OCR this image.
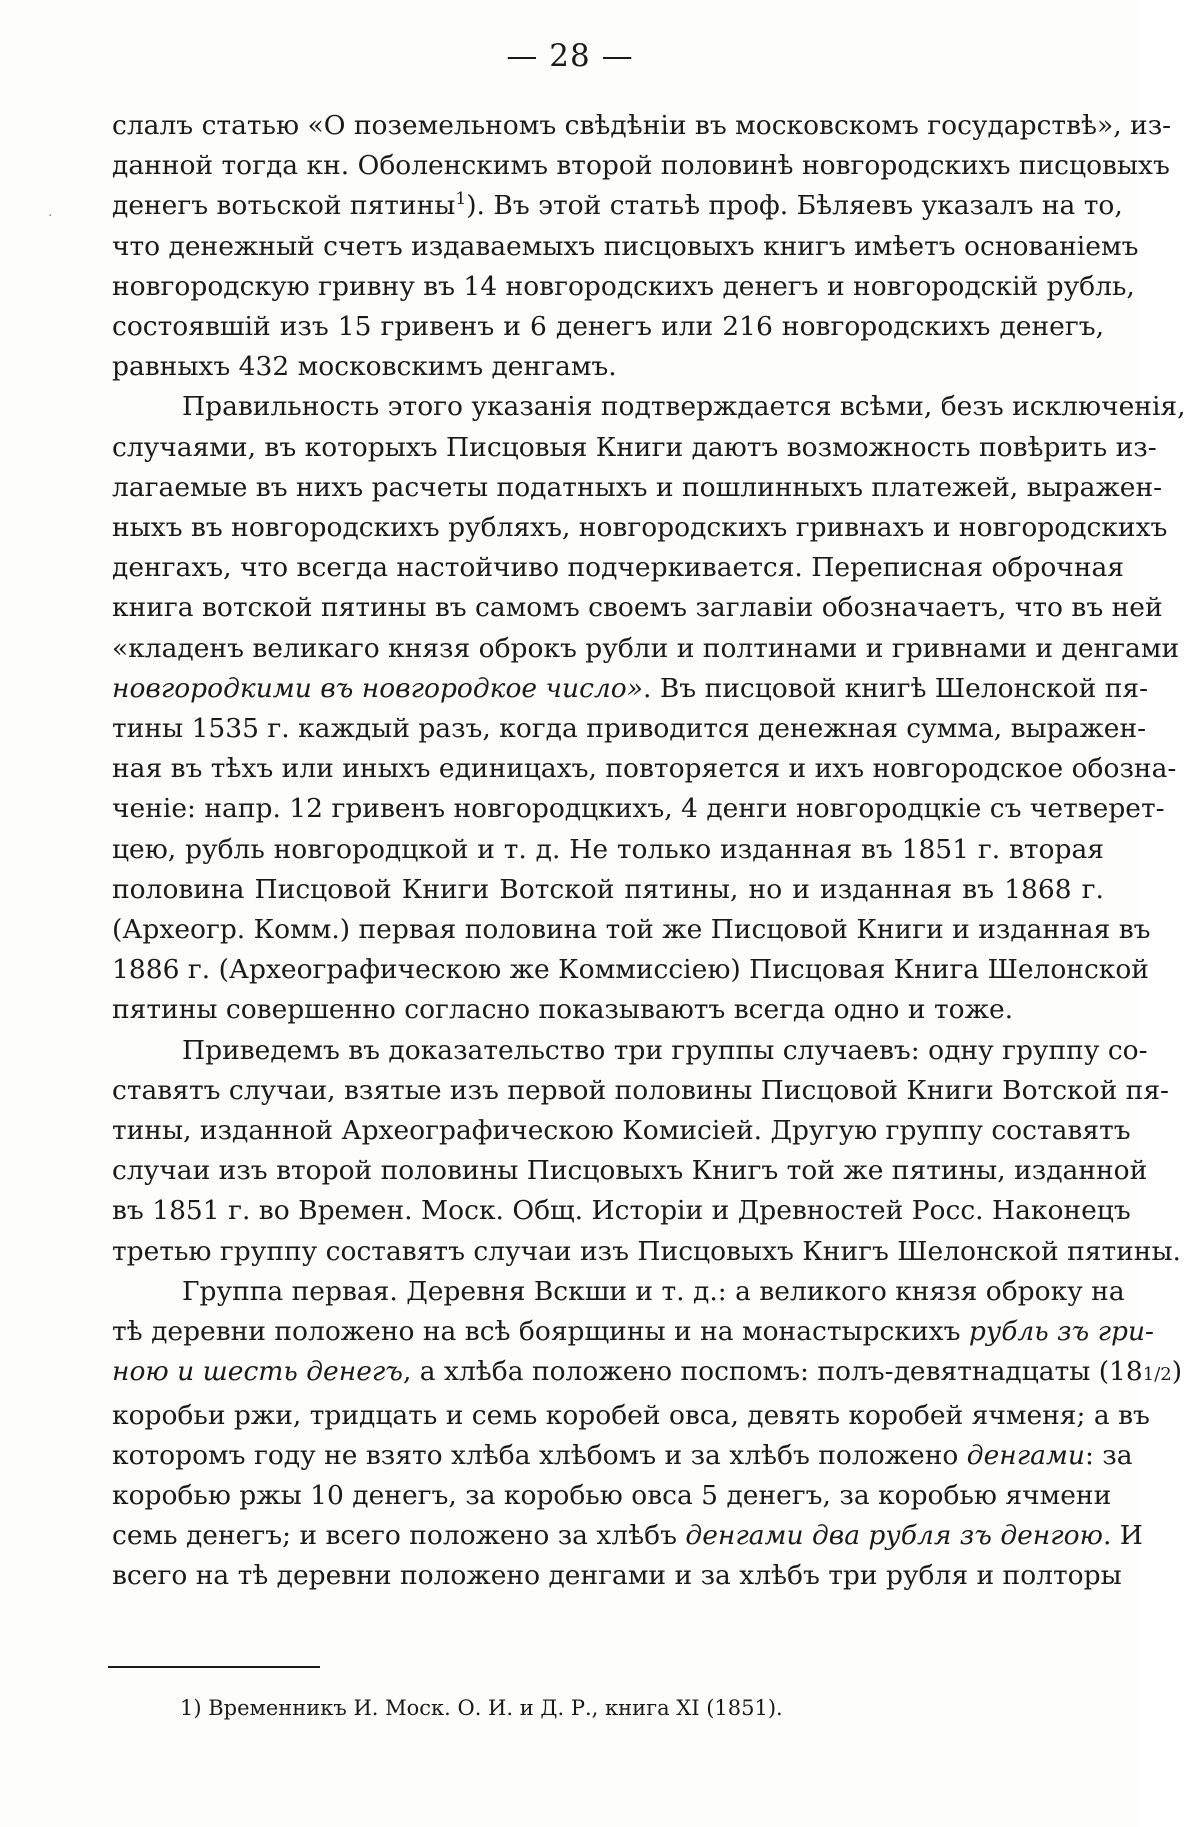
— 28 —
слалъ статью «О поземельномъ свѣдѣніи въ московскомъ государствѣ», из-
данной тогда кн. Оболенскимъ второй половинѣ новгородскихъ писцовыхъ
денегъ вотьской пятины$^1$). Въ этой статьѣ проф. Бѣляевъ указалъ на то,
что денежный счетъ издаваемыхъ писцовыхъ книгъ имѣетъ основаніемъ
новгородскую гривну въ 14 новгородскихъ денегъ и новгородскій рубль,
состоявшій изъ 15 гривенъ и 6 денегъ или 216 новгородскихъ денегъ,
равныхъ 432 московскимъ денгамъ.
Правильность этого указанія подтверждается всѣми, безъ исключенія,
случаями, въ которыхъ Писцовыя Книги даютъ возможность повѣрить из-
лагаемые въ нихъ расчеты податныхъ и пошлинныхъ платежей, выражен-
ныхъ въ новгородскихъ рубляхъ, новгородскихъ гривнахъ и новгородскихъ
денгахъ, что всегда настойчиво подчеркивается. Переписная оброчная
книга вотской пятины въ самомъ своемъ заглавіи обозначаетъ, что въ ней
«кладенъ великаго князя оброкъ рубли и полтинами и гривнами и денгами
новгородкими въ новгородкое число». Въ писцовой книгѣ Шелонской пя-
тины 1535 г. каждый разъ, когда приводится денежная сумма, выражен-
ная въ тѣхъ или иныхъ единицахъ, повторяется и ихъ новгородское обозна-
ченіе: напр. 12 гривенъ новгородцкихъ, 4 денги новгородцкіе съ четверет-
цею, рубль новгородцкой и т. д. Не только изданная въ 1851 г. вторая
половина Писцовой Книги Вотской пятины, но и изданная въ 1868 г.
(Археогр. Комм.) первая половина той же Писцовой Книги и изданная въ
1886 г. (Археографическою же Коммиссіею) Писцовая Книга Шелонской
пятины совершенно согласно показываютъ всегда одно и тоже.
Приведемъ въ доказательство три группы случаевъ: одну группу со-
ставятъ случаи, взятые изъ первой половины Писцовой Книги Вотской пя-
тины, изданной Археографическою Комисіей. Другую группу составятъ
случаи изъ второй половины Писцовыхъ Книгъ той же пятины, изданной
въ 1851 г. во Времен. Моск. Общ. Исторіи и Древностей Росс. Наконецъ
третью группу составятъ случаи изъ Писцовыхъ Книгъ Шелонской пятины.
Группа первая. Деревня Вскши и т. д.: а великого князя оброку на
тѣ деревни положено на всѣ боярщины и на монастырскихъ рубль зъ гри-
ною и шесть денегъ, а хлѣба положено поспомъ: полъ-девятнадцаты (181/2)
коробьи ржи, тридцать и семь коробей овса, девять коробей ячменя; а въ
которомъ году не взято хлѣба хлѣбомъ и за хлѣбъ положено денгами: за
коробью ржы 10 денегъ, за коробью овса 5 денегъ, за коробью ячмени
семь денегъ; и всего положено за хлѣбъ денгами два рубля зъ денгою. И
всего на тѣ деревни положено денгами и за хлѣбъ три рубля и полторы
1) Временникъ И. Моск. О. И. и Д. Р., книга XI (1851).
·
